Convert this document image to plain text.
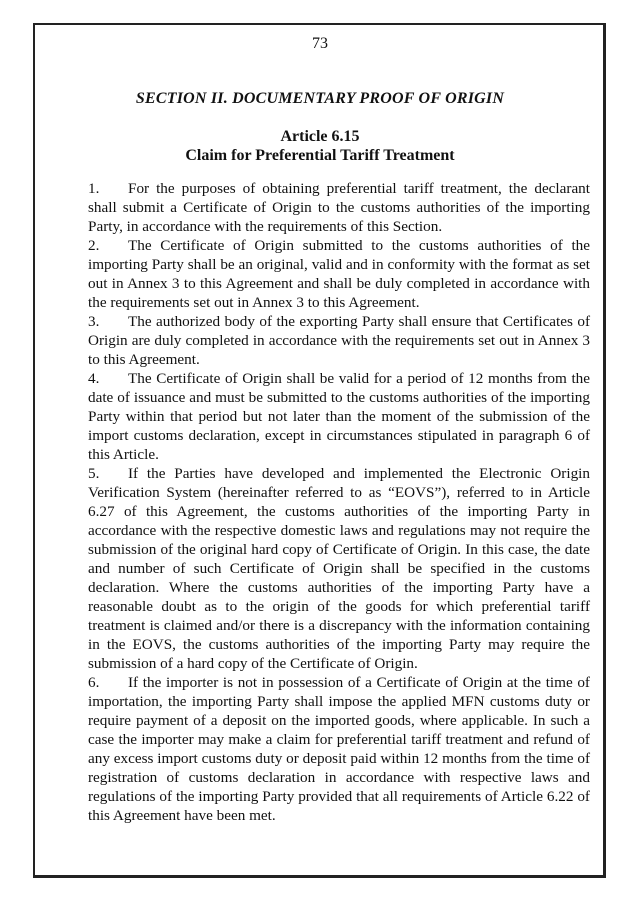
73
SECTION II. DOCUMENTARY PROOF OF ORIGIN
Article 6.15
Claim for Preferential Tariff Treatment

1. For the purposes of obtaining preferential tariff treatment, the declarant shall submit a Certificate of Origin to the customs authorities of the importing Party, in accordance with the requirements of this Section.

2. The Certificate of Origin submitted to the customs authorities of the importing Party shall be an original, valid and in conformity with the format as set out in Annex 3 to this Agreement and shall be duly completed in accordance with the requirements set out in Annex 3 to this Agreement.

3. The authorized body of the exporting Party shall ensure that Certificates of Origin are duly completed in accordance with the requirements set out in Annex 3 to this Agreement.

4. The Certificate of Origin shall be valid for a period of 12 months from the date of issuance and must be submitted to the customs authorities of the importing Party within that period but not later than the moment of the submission of the import customs declaration, except in circumstances stipulated in paragraph 6 of this Article.

5. If the Parties have developed and implemented the Electronic Origin Verification System (hereinafter referred to as “EOVS”), referred to in Article 6.27 of this Agreement, the customs authorities of the importing Party in accordance with the respective domestic laws and regulations may not require the submission of the original hard copy of Certificate of Origin. In this case, the date and number of such Certificate of Origin shall be specified in the customs declaration. Where the customs authorities of the importing Party have a reasonable doubt as to the origin of the goods for which preferential tariff treatment is claimed and/or there is a discrepancy with the information containing in the EOVS, the customs authorities of the importing Party may require the submission of a hard copy of the Certificate of Origin.

6. If the importer is not in possession of a Certificate of Origin at the time of importation, the importing Party shall impose the applied MFN customs duty or require payment of a deposit on the imported goods, where applicable. In such a case the importer may make a claim for preferential tariff treatment and refund of any excess import customs duty or deposit paid within 12 months from the time of registration of customs declaration in accordance with respective laws and regulations of the importing Party provided that all requirements of Article 6.22 of this Agreement have been met.
